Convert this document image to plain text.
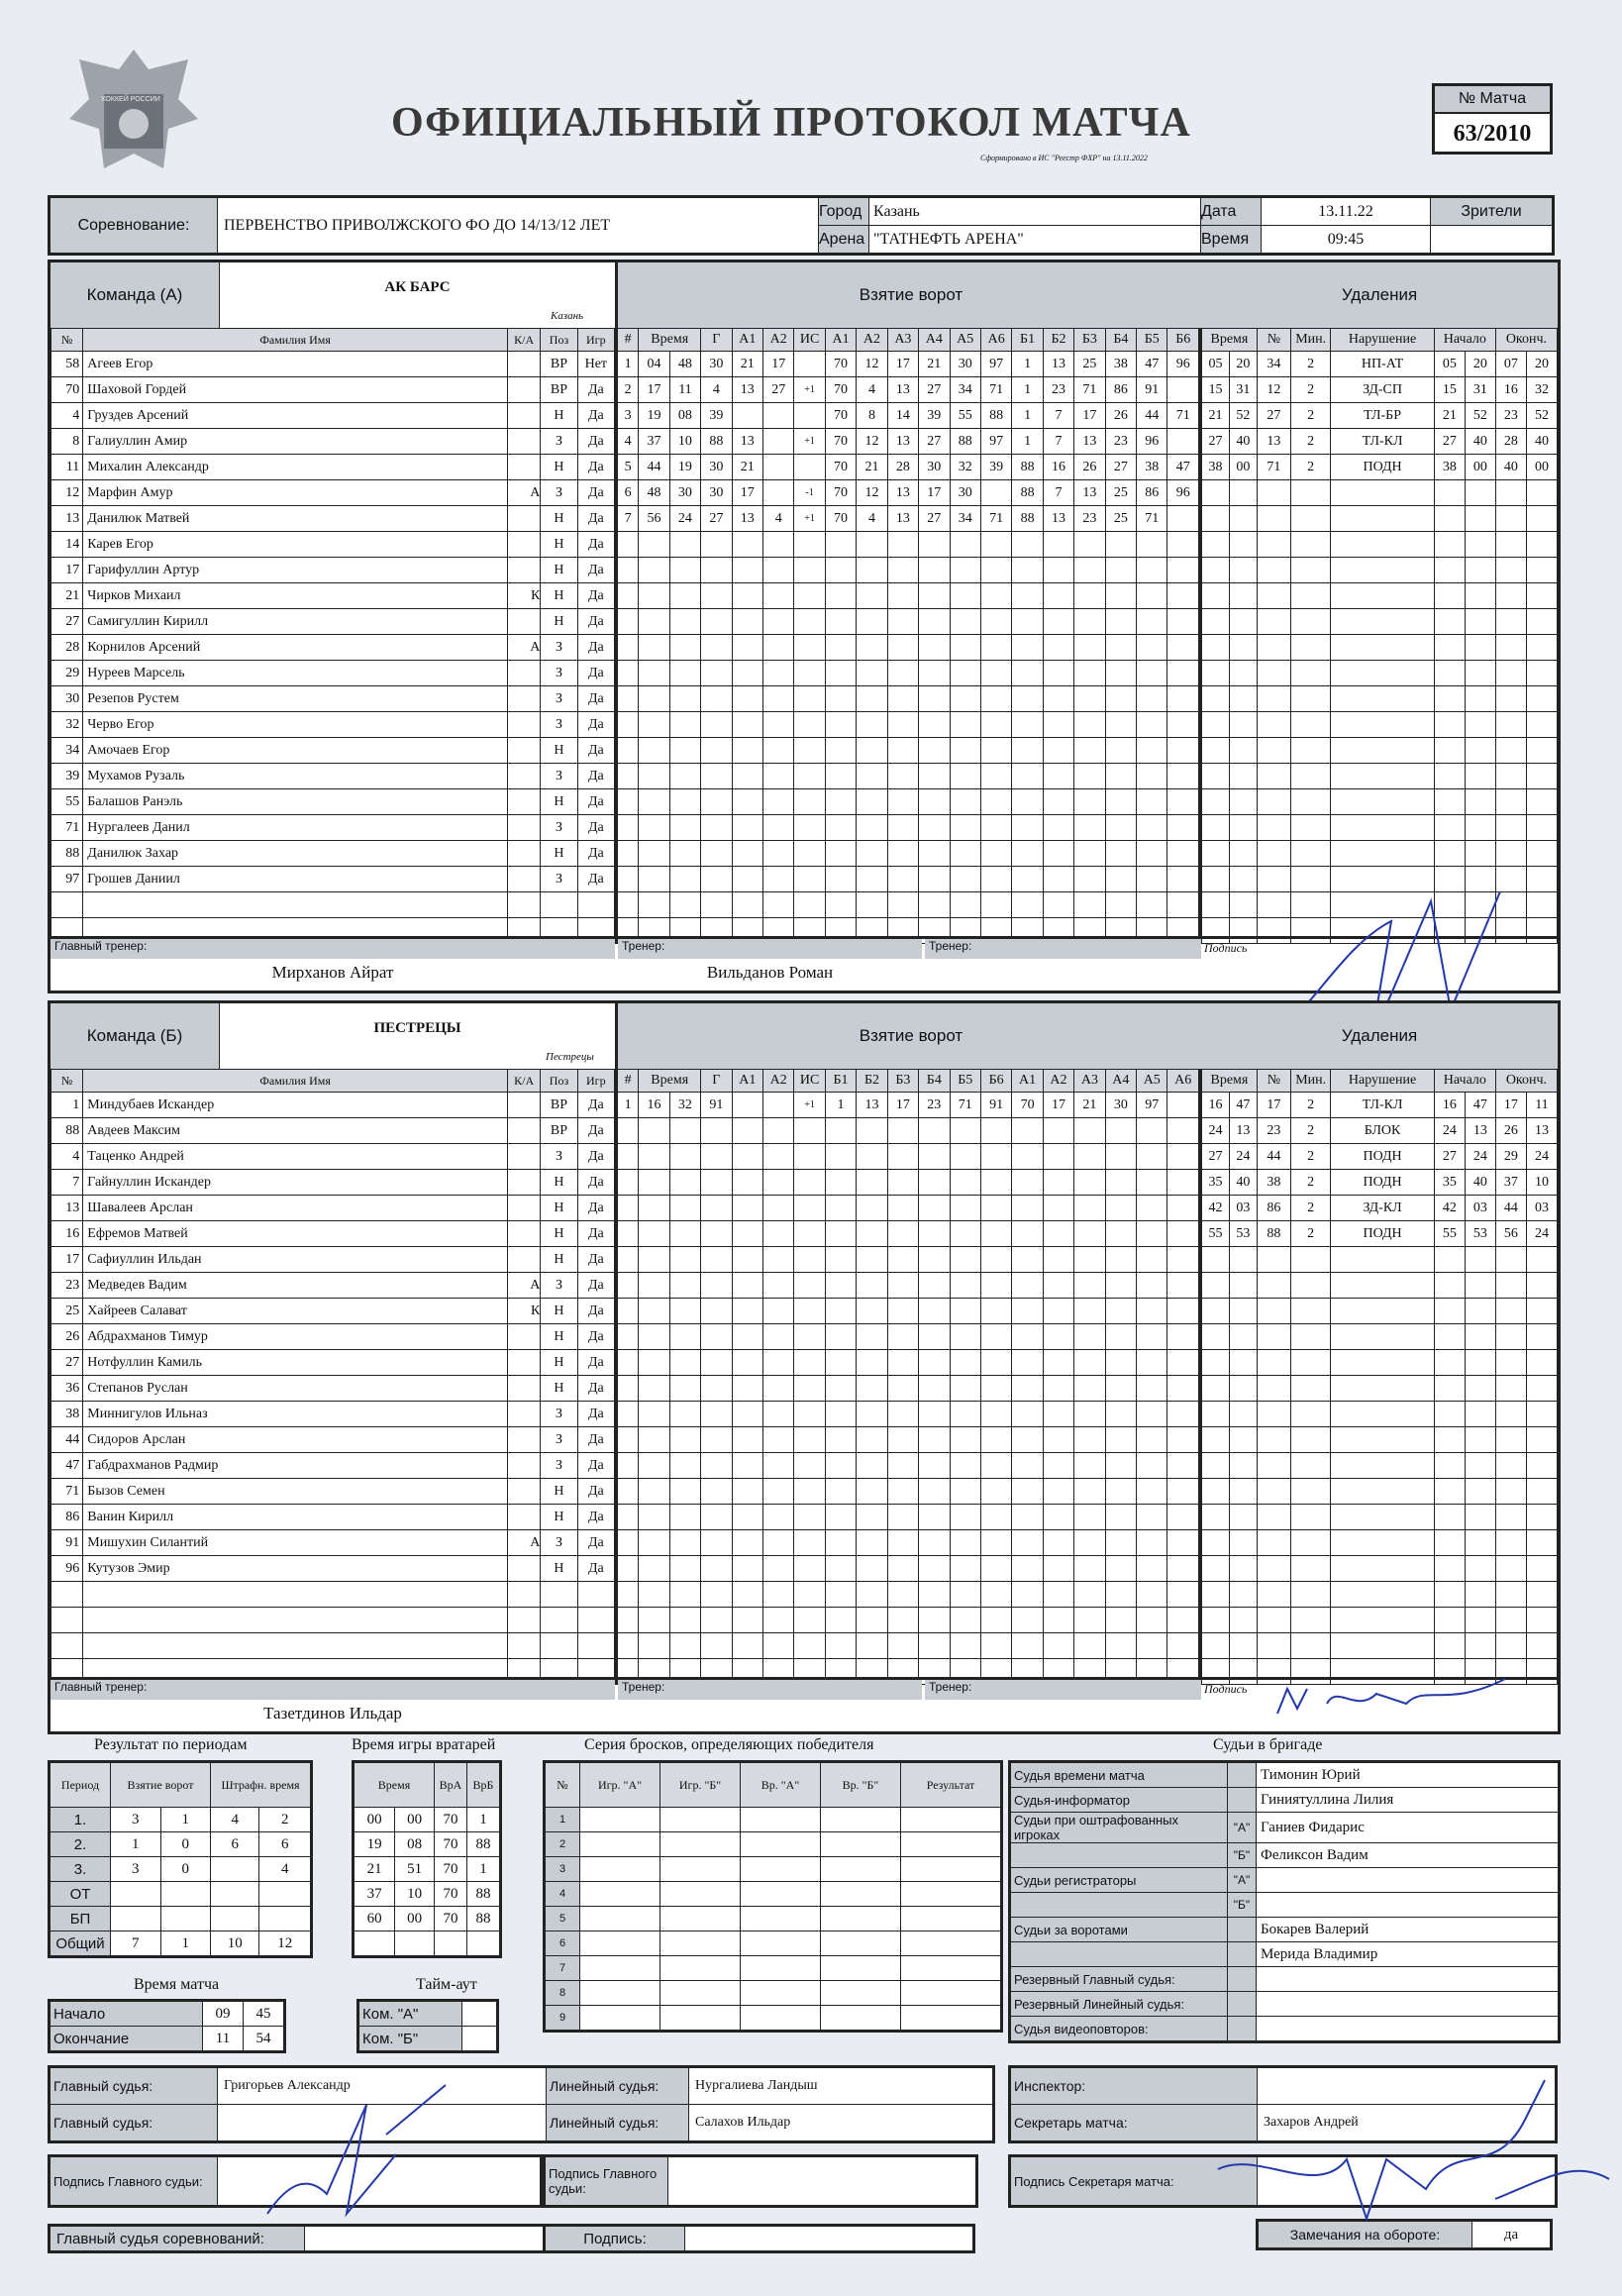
ХОККЕЙ РОССИИ
ОФИЦИАЛЬНЫЙ ПРОТОКОЛ МАТЧА
Сформировано в ИС "Реестр ФХР" на 13.11.2022
№ Матча
63/2010
Соревнование:	ПЕРВЕНСТВО ПРИВОЛЖСКОГО ФО ДО 14/13/12 ЛЕТ	Город	Казань	Дата	13.11.22	Зрители
		Арена	"ТАТНЕФТЬ АРЕНА"	Время	09:45	
Команда (А)	АК БАРС
Казань
Взятие ворот	Удаления
№	Фамилия Имя	К/А	Поз	Игр
58	Агеев Егор		ВР	Нет
70	Шаховой Гордей		ВР	Да
4	Груздев Арсений		Н	Да
8	Галиуллин Амир		З	Да
11	Михалин Александр		Н	Да
12	Марфин Амур	А	З	Да
13	Данилюк Матвей		Н	Да
14	Карев Егор		Н	Да
17	Гарифуллин Артур		Н	Да
21	Чирков Михаил	К	Н	Да
27	Самигуллин Кирилл		Н	Да
28	Корнилов Арсений	А	З	Да
29	Нуреев Марсель		З	Да
30	Резепов Рустем		З	Да
32	Черво Егор		З	Да
34	Амочаев Егор		Н	Да
39	Мухамов Рузаль		З	Да
55	Балашов Ранэль		Н	Да
71	Нургалеев Данил		З	Да
88	Данилюк Захар		Н	Да
97	Грошев Даниил		З	Да

#	Время		Г	А1	А2	ИС	А1	А2	А3	А4	А5	А6	Б1	Б2	Б3	Б4	Б5	Б6
1	04	48	30	21	17		70	12	17	21	30	97	1	13	25	38	47	96
2	17	11	4	13	27	+1	70	4	13	27	34	71	1	23	71	86	91	
3	19	08	39				70	8	14	39	55	88	1	7	17	26	44	71
4	37	10	88	13		+1	70	12	13	27	88	97	1	7	13	23	96	
5	44	19	30	21			70	21	28	30	32	39	88	16	26	27	38	47
6	48	30	30	17		-1	70	12	13	17	30		88	7	13	25	86	96
7	56	24	27	13	4	+1	70	4	13	27	34	71	88	13	23	25	71	

Время		№	Мин.	Нарушение	Начало		Оконч.	
05	20	34	2	НП-АТ	05	20	07	20
15	31	12	2	ЗД-СП	15	31	16	32
21	52	27	2	ТЛ-БР	21	52	23	52
27	40	13	2	ТЛ-КЛ	27	40	28	40
38	00	71	2	ПОДН	38	00	40	00

Главный тренер:
Мирханов Айрат
Тренер:
Вильданов Роман
Тренер:	Подпись
Команда (Б)	ПЕСТРЕЦЫ
Пестрецы
Взятие ворот	Удаления
№	Фамилия Имя	К/А	Поз	Игр
1	Миндубаев Искандер		ВР	Да
88	Авдеев Максим		ВР	Да
4	Таценко Андрей		З	Да
7	Гайнуллин Искандер		Н	Да
13	Шавалеев Арслан		Н	Да
16	Ефремов Матвей		Н	Да
17	Сафиуллин Ильдан		Н	Да
23	Медведев Вадим	А	З	Да
25	Хайреев Салават	К	Н	Да
26	Абдрахманов Тимур		Н	Да
27	Нотфуллин Камиль		Н	Да
36	Степанов Руслан		Н	Да
38	Миннигулов Ильназ		З	Да
44	Сидоров Арслан		З	Да
47	Габдрахманов Радмир		З	Да
71	Бызов Семен		Н	Да
86	Ванин Кирилл		Н	Да
91	Мишухин Силантий	А	З	Да
96	Кутузов Эмир		Н	Да

#	Время		Г	А1	А2	ИС	Б1	Б2	Б3	Б4	Б5	Б6	А1	А2	А3	А4	А5	А6
1	16	32	91			+1	1	13	17	23	71	91	70	17	21	30	97	

Время		№	Мин.	Нарушение	Начало		Оконч.	
16	47	17	2	ТЛ-КЛ	16	47	17	11
24	13	23	2	БЛОК	24	13	26	13
27	24	44	2	ПОДН	27	24	29	24
35	40	38	2	ПОДН	35	40	37	10
42	03	86	2	ЗД-КЛ	42	03	44	03
55	53	88	2	ПОДН	55	53	56	24

Главный тренер:
Тазетдинов Ильдар
Тренер:	Тренер:	Подпись
Результат по периодам
Период	Взятие ворот		Штрафн. время	
1.	3	1	4	2
2.	1	0	6	6
3.	3	0		4
ОТ				
БП				
Общий	7	1	10	12
Время игры вратарей
Время		ВрА	ВрБ
00	00	70	1
19	08	70	88
21	51	70	1
37	10	70	88
60	00	70	88

Серия бросков, определяющих победителя
№	Игр. "А"	Игр. "Б"	Вр. "А"	Вр. "Б"	Результат
1					
2					
3					
4					
5					
6					
7					
8					
9					
Время матча
Начало	09	45
Окончание	11	54
Тайм-аут
Ком. "А"	
Ком. "Б"	
Судьи в бригаде
Судья времени матча		Тимонин Юрий
Судья-информатор		Гиниятуллина Лилия
Судьи при оштрафованных игроках	"А"	Ганиев Фидарис
	"Б"	Феликсон Вадим
Судьи регистраторы	"А"	
	"Б"	
Судьи за воротами		Бокарев Валерий
		Мерида Владимир
Резервный Главный судья:		
Резервный Линейный судья:		
Судья видеоповторов:		
Главный судья:	Григорьев Александр	Линейный судья:	Нургалиева Ландыш
Главный судья:		Линейный судья:	Салахов Ильдар
Инспектор:	
Секретарь матча:	Захаров Андрей
Подпись Главного судьи:		Подпись Главного судьи:		Подпись Секретаря матча:	
Главный судья соревнований:		Подпись:		Замечания на обороте:	да
